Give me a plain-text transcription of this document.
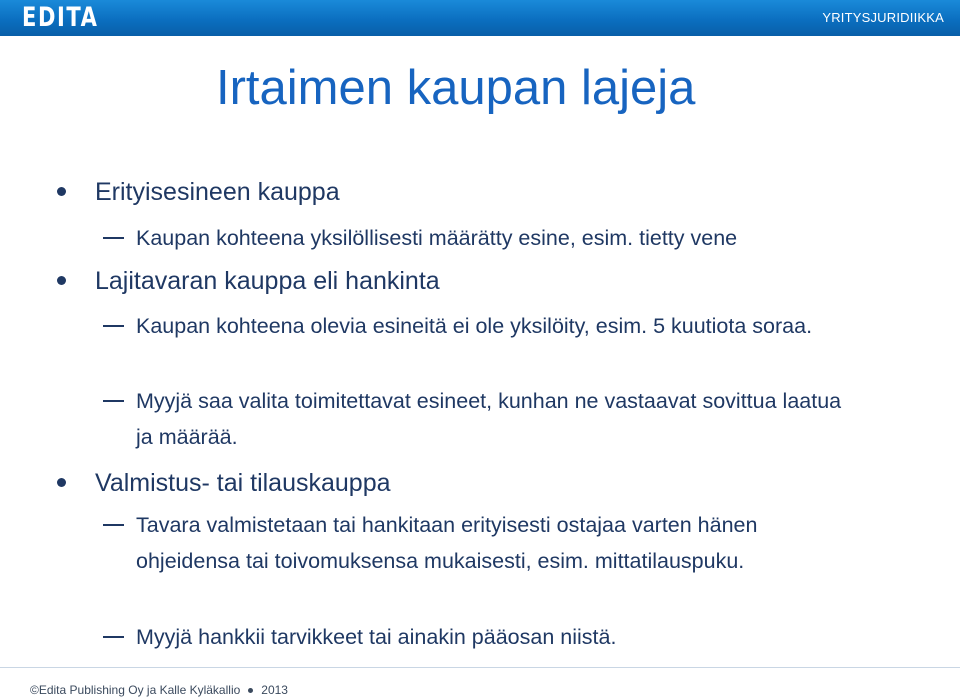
EDITA	YRITYSJURIDIIKKA
Irtaimen kaupan lajeja
Erityisesineen kauppa
Kaupan kohteena yksilöllisesti määrätty esine, esim. tietty vene
Lajitavaran kauppa eli hankinta
Kaupan kohteena olevia esineitä ei ole yksilöity, esim. 5 kuutiota soraa.
Myyjä saa valita toimitettavat esineet, kunhan ne vastaavat sovittua laatua ja määrää.
Valmistus- tai tilauskauppa
Tavara valmistetaan tai hankitaan erityisesti ostajaa varten hänen ohjeidensa tai toivomuksensa mukaisesti, esim. mittatilauspuku.
Myyjä hankkii tarvikkeet tai ainakin pääosan niistä.
©Edita Publishing Oy ja Kalle Kyläkallio 2013
